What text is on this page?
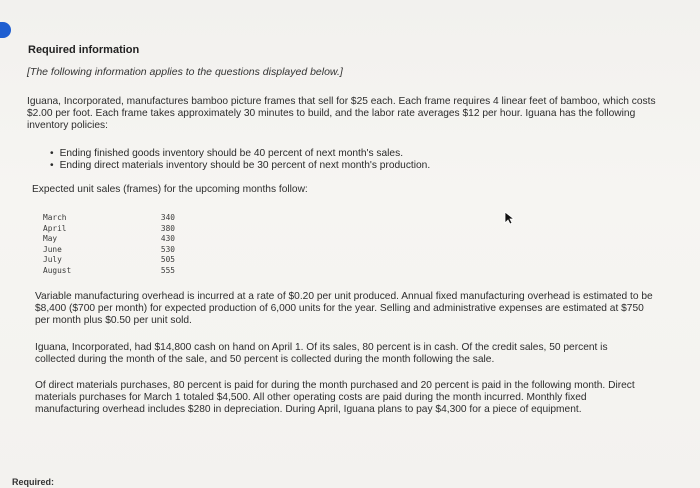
Required information
[The following information applies to the questions displayed below.]
Iguana, Incorporated, manufactures bamboo picture frames that sell for $25 each. Each frame requires 4 linear feet of bamboo, which costs $2.00 per foot. Each frame takes approximately 30 minutes to build, and the labor rate averages $12 per hour. Iguana has the following inventory policies:
• Ending finished goods inventory should be 40 percent of next month's sales.
• Ending direct materials inventory should be 30 percent of next month's production.
Expected unit sales (frames) for the upcoming months follow:
March	340
April	380
May	430
June	530
July	505
August	555
Variable manufacturing overhead is incurred at a rate of $0.20 per unit produced. Annual fixed manufacturing overhead is estimated to be $8,400 ($700 per month) for expected production of 6,000 units for the year. Selling and administrative expenses are estimated at $750 per month plus $0.50 per unit sold.
Iguana, Incorporated, had $14,800 cash on hand on April 1. Of its sales, 80 percent is in cash. Of the credit sales, 50 percent is collected during the month of the sale, and 50 percent is collected during the month following the sale.
Of direct materials purchases, 80 percent is paid for during the month purchased and 20 percent is paid in the following month. Direct materials purchases for March 1 totaled $4,500. All other operating costs are paid during the month incurred. Monthly fixed manufacturing overhead includes $280 in depreciation. During April, Iguana plans to pay $4,300 for a piece of equipment.
Required:
